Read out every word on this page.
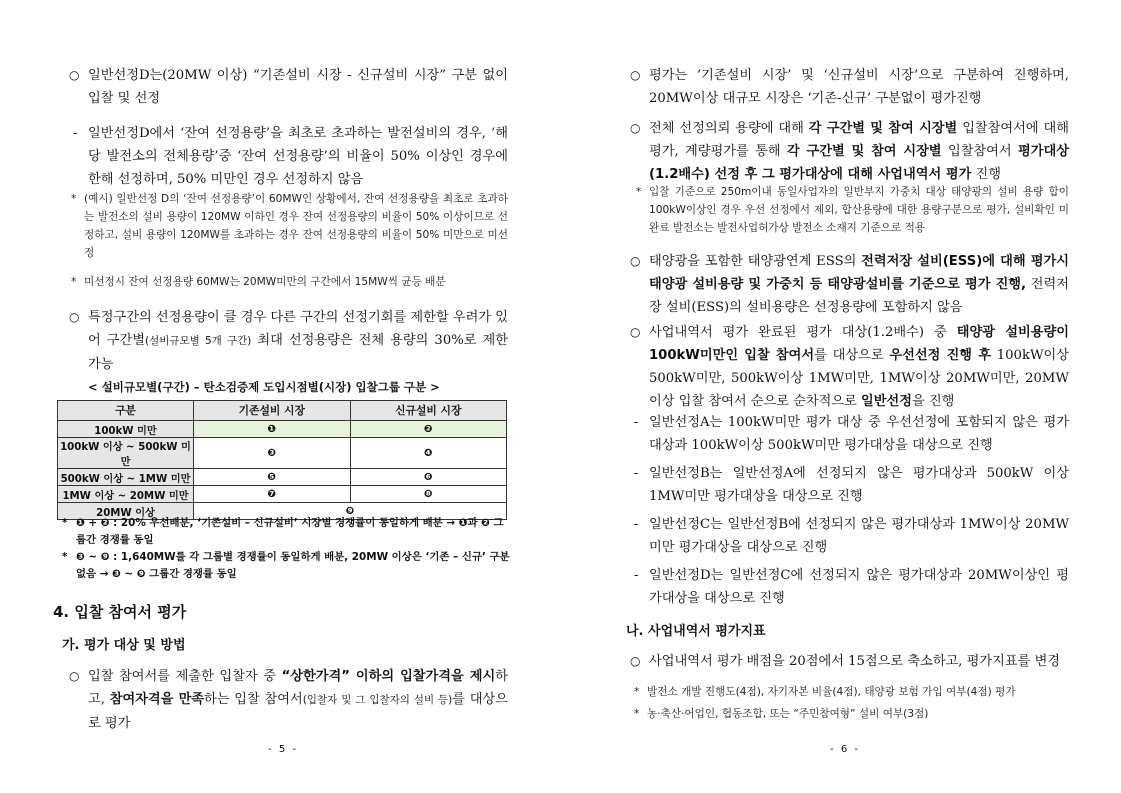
○ 일반선정D는(20MW 이상) “기존설비 시장 - 신규설비 시장” 구분 없이 입찰 및 선정
- 일반선정D에서 ‘잔여 선정용량’을 최초로 초과하는 발전설비의 경우, ‘해당 발전소의 전체용량’중 ‘잔여 선정용량’의 비율이 50% 이상인 경우에 한해 선정하며, 50% 미만인 경우 선정하지 않음
* (예시) 일반선정 D의 ‘잔여 선정용량’이 60MW인 상황에서, 잔여 선정용량을 최초로 초과하는 발전소의 설비 용량이 120MW 이하인 경우 잔여 선정용량의 비율이 50% 이상이므로 선정하고, 설비 용량이 120MW를 초과하는 경우 잔여 선정용량의 비율이 50% 미만으로 미선정
* 미선정시 잔여 선정용량 60MW는 20MW미만의 구간에서 15MW씩 균등 배분
○ 특정구간의 선정용량이 클 경우 다른 구간의 선정기회를 제한할 우려가 있어 구간별(설비규모별 5개 구간) 최대 선정용량은 전체 용량의 30%로 제한 가능
< 설비규모별(구간) – 탄소검증제 도입시점별(시장) 입찰그룹 구분 >
구분	기존설비 시장	신규설비 시장
100kW 미만	❶	❷
100kW 이상 ~ 500kW 미만	❸	❹
500kW 이상 ~ 1MW 미만	❺	❻
1MW 이상 ~ 20MW 미만	❼	❽
20MW 이상	❾	
* ❶ + ❷ : 20% 우선배분, ‘기존설비 – 신규설비’ 시장별 경쟁률이 동일하게 배분 → ❶과 ❷ 그룹간 경쟁률 동일
* ❸ ~ ❾ : 1,640MW를 각 그룹별 경쟁률이 동일하게 배분, 20MW 이상은 ‘기존 – 신규’ 구분 없음 → ❸ ~ ❾ 그룹간 경쟁률 동일
4. 입찰 참여서 평가
가. 평가 대상 및 방법
○ 입찰 참여서를 제출한 입찰자 중 “상한가격” 이하의 입찰가격을 제시하고, 참여자격을 만족하는 입찰 참여서(입찰자 및 그 입찰자의 설비 등)를 대상으로 평가
- 5 -
○ 평가는 ‘기존설비 시장’ 및 ‘신규설비 시장’으로 구분하여 진행하며, 20MW이상 대규모 시장은 ‘기존-신규’ 구분없이 평가진행
○ 전체 선정의뢰 용량에 대해 각 구간별 및 참여 시장별 입찰참여서에 대해 평가, 계량평가를 통해 각 구간별 및 참여 시장별 입찰참여서 평가대상(1.2배수) 선정 후 그 평가대상에 대해 사업내역서 평가 진행
* 입찰 기준으로 250m이내 동일사업자의 일반부지 가중치 대상 태양광의 설비 용량 합이 100kW이상인 경우 우선 선정에서 제외, 합산용량에 대한 용량구분으로 평가, 설비확인 미완료 발전소는 발전사업허가상 발전소 소재지 기준으로 적용
○ 태양광을 포함한 태양광연계 ESS의 전력저장 설비(ESS)에 대해 평가시 태양광 설비용량 및 가중치 등 태양광설비를 기준으로 평가 진행, 전력저장 설비(ESS)의 설비용량은 선정용량에 포함하지 않음
○ 사업내역서 평가 완료된 평가 대상(1.2배수) 중 태양광 설비용량이 100kW미만인 입찰 참여서를 대상으로 우선선정 진행 후 100kW이상 500kW미만, 500kW이상 1MW미만, 1MW이상 20MW미만, 20MW이상 입찰 참여서 순으로 순차적으로 일반선정을 진행
- 일반선정A는 100kW미만 평가 대상 중 우선선정에 포함되지 않은 평가대상과 100kW이상 500kW미만 평가대상을 대상으로 진행
- 일반선정B는 일반선정A에 선정되지 않은 평가대상과 500kW 이상 1MW미만 평가대상을 대상으로 진행
- 일반선정C는 일반선정B에 선정되지 않은 평가대상과 1MW이상 20MW 미만 평가대상을 대상으로 진행
- 일반선정D는 일반선정C에 선정되지 않은 평가대상과 20MW이상인 평가대상을 대상으로 진행
나. 사업내역서 평가지표
○ 사업내역서 평가 배점을 20점에서 15점으로 축소하고, 평가지표를 변경
* 발전소 개발 진행도(4점), 자기자본 비율(4점), 태양광 보험 가입 여부(4점) 평가
* 농·축산·어업인, 협동조합, 또는 “주민참여형” 설비 여부(3점)
- 6 -
